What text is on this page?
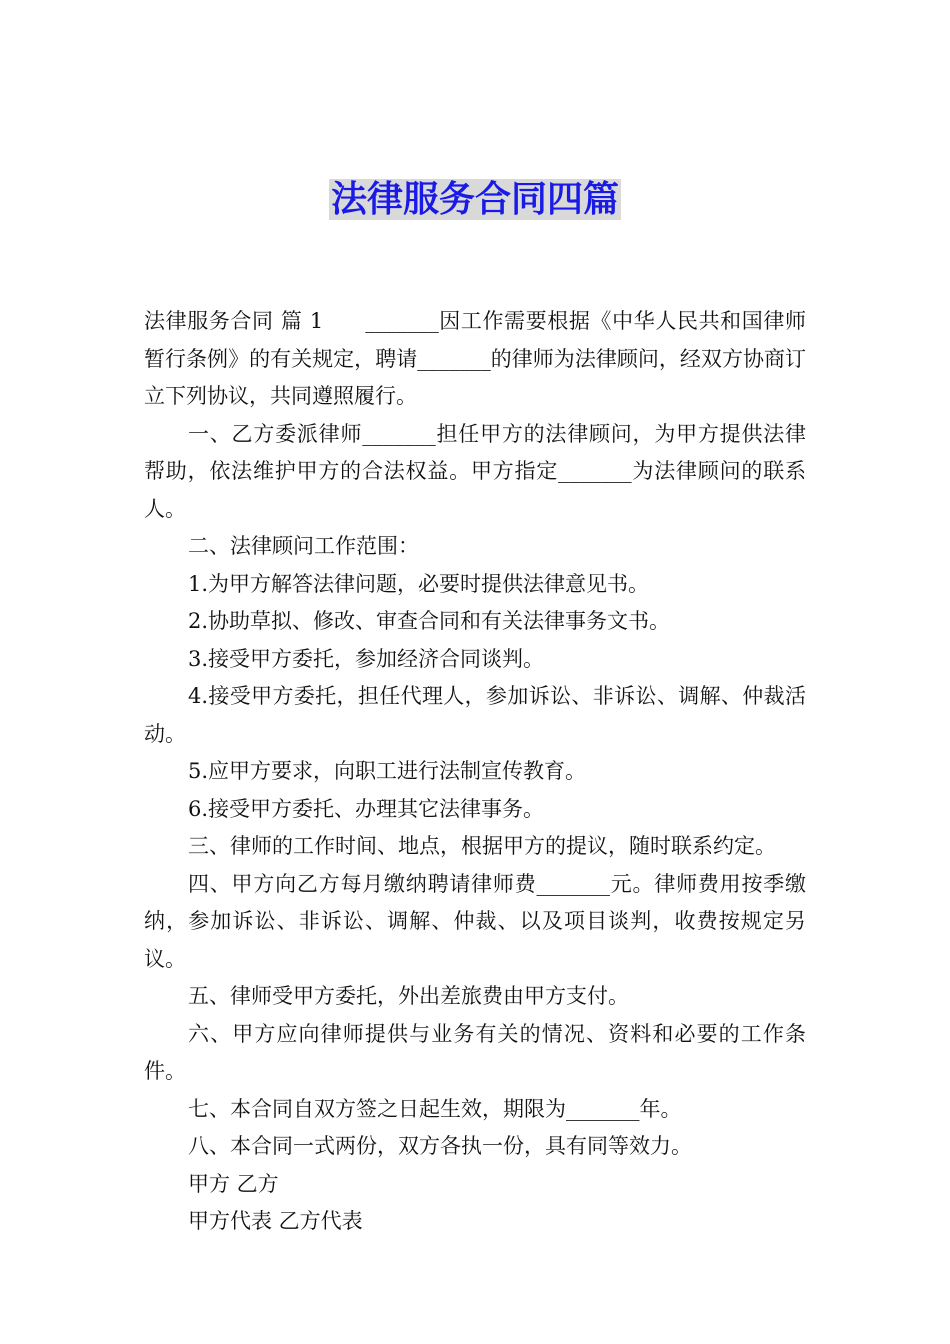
法律服务合同四篇

法律服务合同 篇 1 _______因工作需要根据《中华人民共和国律师暂行条例》的有关规定，聘请_______的律师为法律顾问，经双方协商订立下列协议，共同遵照履行。

一、乙方委派律师_______担任甲方的法律顾问，为甲方提供法律帮助，依法维护甲方的合法权益。甲方指定_______为法律顾问的联系人。

二、法律顾问工作范围：

1.为甲方解答法律问题，必要时提供法律意见书。

2.协助草拟、修改、审查合同和有关法律事务文书。

3.接受甲方委托，参加经济合同谈判。

4.接受甲方委托，担任代理人，参加诉讼、非诉讼、调解、仲裁活动。

5.应甲方要求，向职工进行法制宣传教育。

6.接受甲方委托、办理其它法律事务。

三、律师的工作时间、地点，根据甲方的提议，随时联系约定。

四、甲方向乙方每月缴纳聘请律师费_______元。律师费用按季缴纳，参加诉讼、非诉讼、调解、仲裁、以及项目谈判，收费按规定另议。

五、律师受甲方委托，外出差旅费由甲方支付。

六、甲方应向律师提供与业务有关的情况、资料和必要的工作条件。

七、本合同自双方签之日起生效，期限为_______年。

八、本合同一式两份，双方各执一份，具有同等效力。

甲方 乙方

甲方代表 乙方代表
